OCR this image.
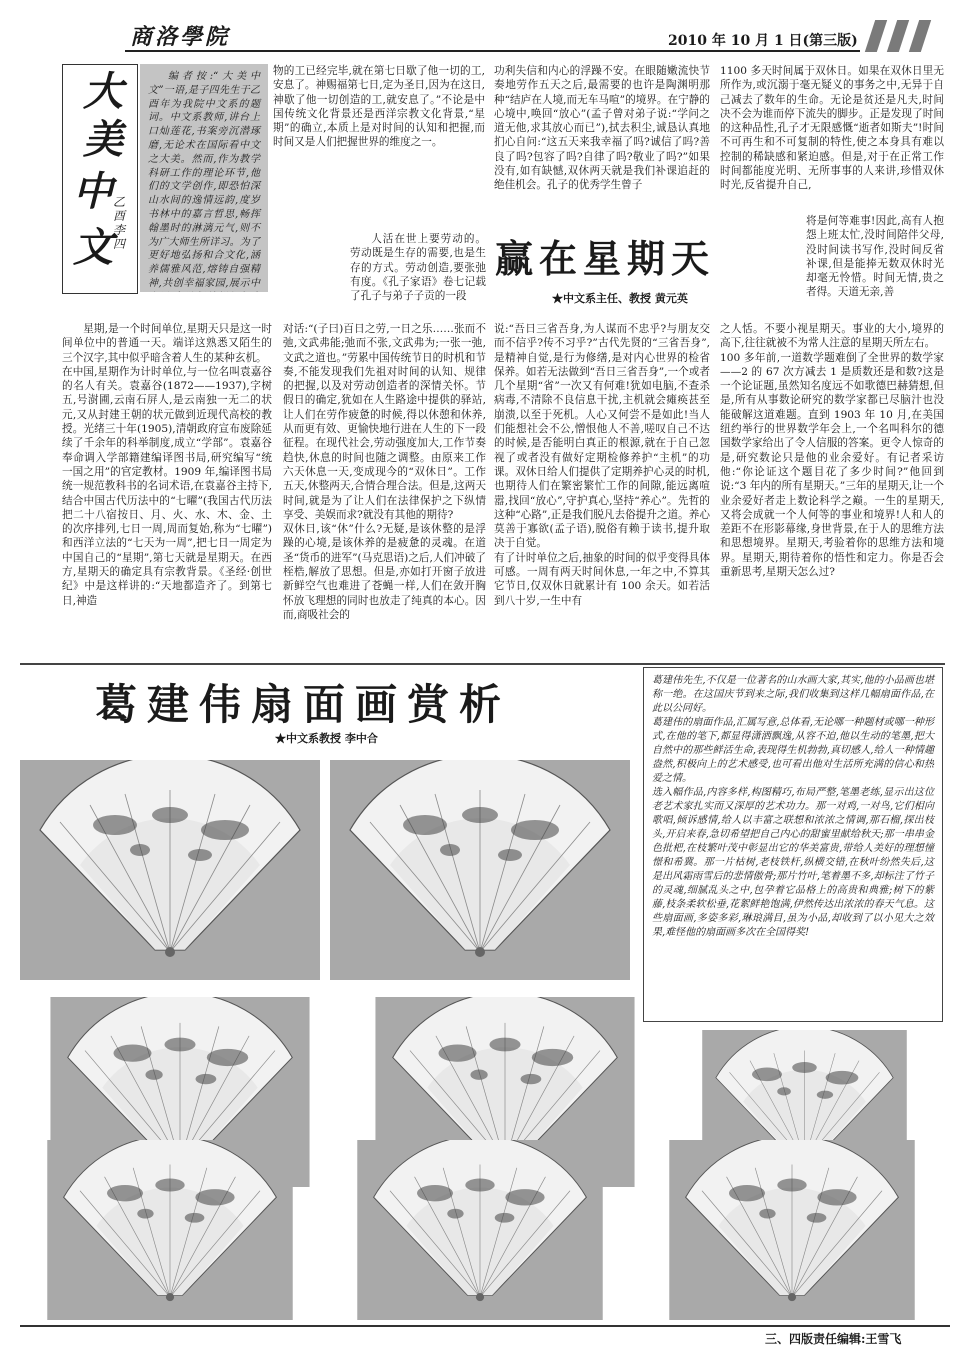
商洛學院	2010 年 10 月 1 日(第三版)
大
美
中
文
乙酉 李四
编者按:“大美中文”一语,是子四先生于乙酉年为我院中文系的题词。中文系教师,讲台上口灿莲花,书案旁沉潜琢磨,无论术在国际看中文之大美。然而,作为教学科研工作的理论环节,他们的文学创作,即恐怕深山水间的逸情远韵,度岁书林中的嘉言哲思,畅挥翰墨时的淋漓元气,则不为广大师生所详习。为了更好地弘扬和合文化,涵养儒雅风范,熔铸自强精神,共创幸福家园,展示中
物的工已经完毕,就在第七日歇了他一切的工,安息了。神赐福第七日,定为圣日,因为在这日,神歇了他一切创造的工,就安息了。”不论是中国传统文化背景还是西洋宗教文化背景,“星期”的确立,本质上是对时间的认知和把握,而时间又是人们把握世界的维度之一。
人活在世上要劳动的。劳动既是生存的需要,也是生存的方式。劳动创造,要张弛有度。《孔子家语》卷七记载了孔子与弟子子贡的一段
功利失信和内心的浮躁不安。在眼随嫩流快节奏地劳作五天之后,最需要的也许是陶渊明那种“结庐在人境,而无车马喧”的境界。在宁静的心境中,唤回“放心”(孟子曾对弟子说:“学问之道无他,求其放心而已”),拭去积尘,诚恳认真地扪心自问:“这五天来我幸福了吗?诚信了吗?善良了吗?包容了吗?自律了吗?敬业了吗?”如果没有,如有缺憾,双休两天就是我们补课追赶的绝佳机会。孔子的优秀学生曾子
1100 多天时间属于双休日。如果在双休日里无所作为,或沉溺于毫无疑义的事务之中,无异于自己减去了数年的生命。无论是贫还是凡夫,时间决不会为谁而停下流失的脚步。正是发现了时间的这种品性,孔子才无限感慨“逝者如斯夫”!时间不可再生和不可复制的特性,使之本身具有难以控制的稀缺感和紧迫感。但是,对于在正常工作时间都能度光明、无所事事的人来讲,珍惜双休时光,反省提升自己,
将是何等难事!因此,高有人抱怨上班太忙,没时间陪伴父母,没时间读书写作,没时间反省补课,但是能捧无数双休时光却毫无怜惜。时间无情,贵之者得。天道无亲,善
赢在星期天
★中文系主任、教授 黄元英
星期,是一个时间单位,星期天只是这一时间单位中的普通一天。端详这熟悉又陌生的三个汉字,其中似乎暗含着人生的某种玄机。
在中国,星期作为计时单位,与一位名叫袁嘉谷的名人有关。袁嘉谷(1872——1937),字树五,号澍圃,云南石屏人,是云南独一无二的状元,又从封建王朝的状元做到近现代高校的教授。光绪三十年(1905),清朝政府宣布废除延续了千余年的科举制度,成立“学部”。袁嘉谷奉命调入学部籍建编译图书局,研究编写“统一国之用”的官定教材。1909 年,编译图书局统一规范教科书的名词术语,在袁嘉谷主持下,结合中国古代历法中的“七曜”(我国古代历法把二十八宿按日、月、火、水、木、金、土的次序排列,七日一周,周而复始,称为“七曜”)和西洋立法的“七天为一周”,把七日一周定为中国自己的“星期”,第七天就是星期天。在西方,星期天的确定具有宗教背景。《圣经·创世纪》中是这样讲的:“天地都造齐了。到第七日,神造
对话:“(子曰)百日之劳,一日之乐……张而不弛,文武弗能;弛而不张,文武弗为;一张一弛,文武之道也。”劳累中国传统节日的时机和节奏,不能发现我们先祖对时间的认知、规律的把握,以及对劳动创造者的深情关怀。节假日的确定,犹如在人生路途中提供的驿站,让人们在劳作疲惫的时候,得以休憩和休养,从而更有效、更愉快地行进在人生的下一段征程。在现代社会,劳动强度加大,工作节奏趋快,休息的时间也随之调整。由原来工作六天休息一天,变成现今的“双休日”。工作五天,休整两天,合情合理合法。但是,这两天时间,就是为了让人们在法律保护之下纵情享受、美娱而求?就没有其他的期待?
双休日,该“休”什么?无疑,是该休整的是浮躁的心境,是该休养的是疲惫的灵魂。在道圣“货币的进军”(马克思语)之后,人们冲破了桎梏,解放了思想。但是,亦如打开窗子放进新鲜空气也难进了苍蝇一样,人们在敛开胸怀放飞理想的同时也放走了纯真的本心。因而,商吸社会的
说:“吾日三省吾身,为人谋而不忠乎?与朋友交而不信乎?传不习乎?”古代先贤的“三省吾身”,是精神自觉,是行为修缮,是对内心世界的检省保养。如若无法做到“吾日三省吾身”,一个或者几个星期“省”一次又有何难!犹如电脑,不查杀病毒,不清除不良信息干扰,主机就会瘫痪甚至崩溃,以至于死机。人心又何尝不是如此!当人们能想社会不公,憎恨他人不善,嗟叹自己不达的时候,是否能明白真正的根源,就在于自己忽视了或者没有做好定期检修养护“主机”的功课。双休日给人们提供了定期养护心灵的时机,也期待人们在繁密繁忙工作的间隙,能远离喧嚣,找回“放心”,守护真心,坚持“养心”。先哲的这种“心路”,正是我们脱凡去俗提升之道。养心莫善于寡欲(孟子语),脱俗有赖于读书,提升取决于自觉。
有了计时单位之后,抽象的时间的似乎变得具体可感。一周有两天时间休息,一年之中,不算其它节日,仅双休日就累计有 100 余天。如若活到八十岁,一生中有
之人恬。不要小视星期天。事业的大小,境界的高下,往往就被不为常人注意的星期天所左右。
100 多年前,一道数学题难倒了全世界的数学家——2 的 67 次方减去 1 是质数还是和数?这是一个论证题,虽然知名度远不如歌德巴赫猜想,但是,所有从事数论研究的数学家都已尽脑汁也没能破解这道难题。直到 1903 年 10 月,在美国纽约举行的世界数学年会上,一个名叫科尔的德国数学家给出了令人信服的答案。更令人惊奇的是,研究数论只是他的业余爱好。有记者采访他:“你论证这个题目花了多少时间?”他回到说:“3 年内的所有星期天。”三年的星期天,让一个业余爱好者走上数论科学之巅。一生的星期天,又将会成就一个人何等的事业和境界!人和人的差距不在形影幕缘,身世背景,在于人的思维方法和思想境界。星期天,考验着你的思维方法和境界。星期天,期待着你的悟性和定力。你是否会重新思考,星期天怎么过?
葛建伟扇面画赏析
★中文系教授 李中合
葛建伟先生,不仅是一位著名的山水画大家,其实,他的小品画也堪称一绝。在这国庆节到来之际,我们收集到这样几幅扇面作品,在此以公同好。
葛建伟的扇面作品,汇属写意,总体看,无论哪一种题材或哪一种形式,在他的笔下,都显得潇洒飘逸,从容不迫,他以生动的笔墨,把大自然中的那些鲜活生命,表现得生机勃勃,真切感人,给人一种情趣盎然,积极向上的艺术感受,也可看出他对生活所充满的信心和热爱之情。
选入幅作品,内容多样,构图精巧,布局严整,笔墨老练,显示出这位老艺术家扎实而又深厚的艺术功力。那一对鸡,一对鸟,它们相向歌唱,倾诉感情,给人以丰富之联想和浓浓之情调,那石榴,探出枝头,开启来春,急切希望把自己内心的甜蜜里献给秋天;那一串串金色批杷,在枝繁叶茂中彰显出它的华美富贵,带给人美好的理想憧憬和希冀。那一片枯树,老枝铁杆,纵横交错,在秋叶纷然失后,这是出风霜雨雪后的悲情傲骨;那片竹叶,笔着墨不多,却标注了竹子的灵魂,细腻乱头之中,包孕着它品格上的高贵和典雅;树下的紫藤,枝条柔软松垂,花絮鲜艳饱满,伊然传达出浓浓的春天气息。这些扇面画,多姿多彩,琳琅满目,虽为小品,却收到了以小见大之效果,难怪他的扇面画多次在全国得奖!
三、四版责任编辑:王雪飞
